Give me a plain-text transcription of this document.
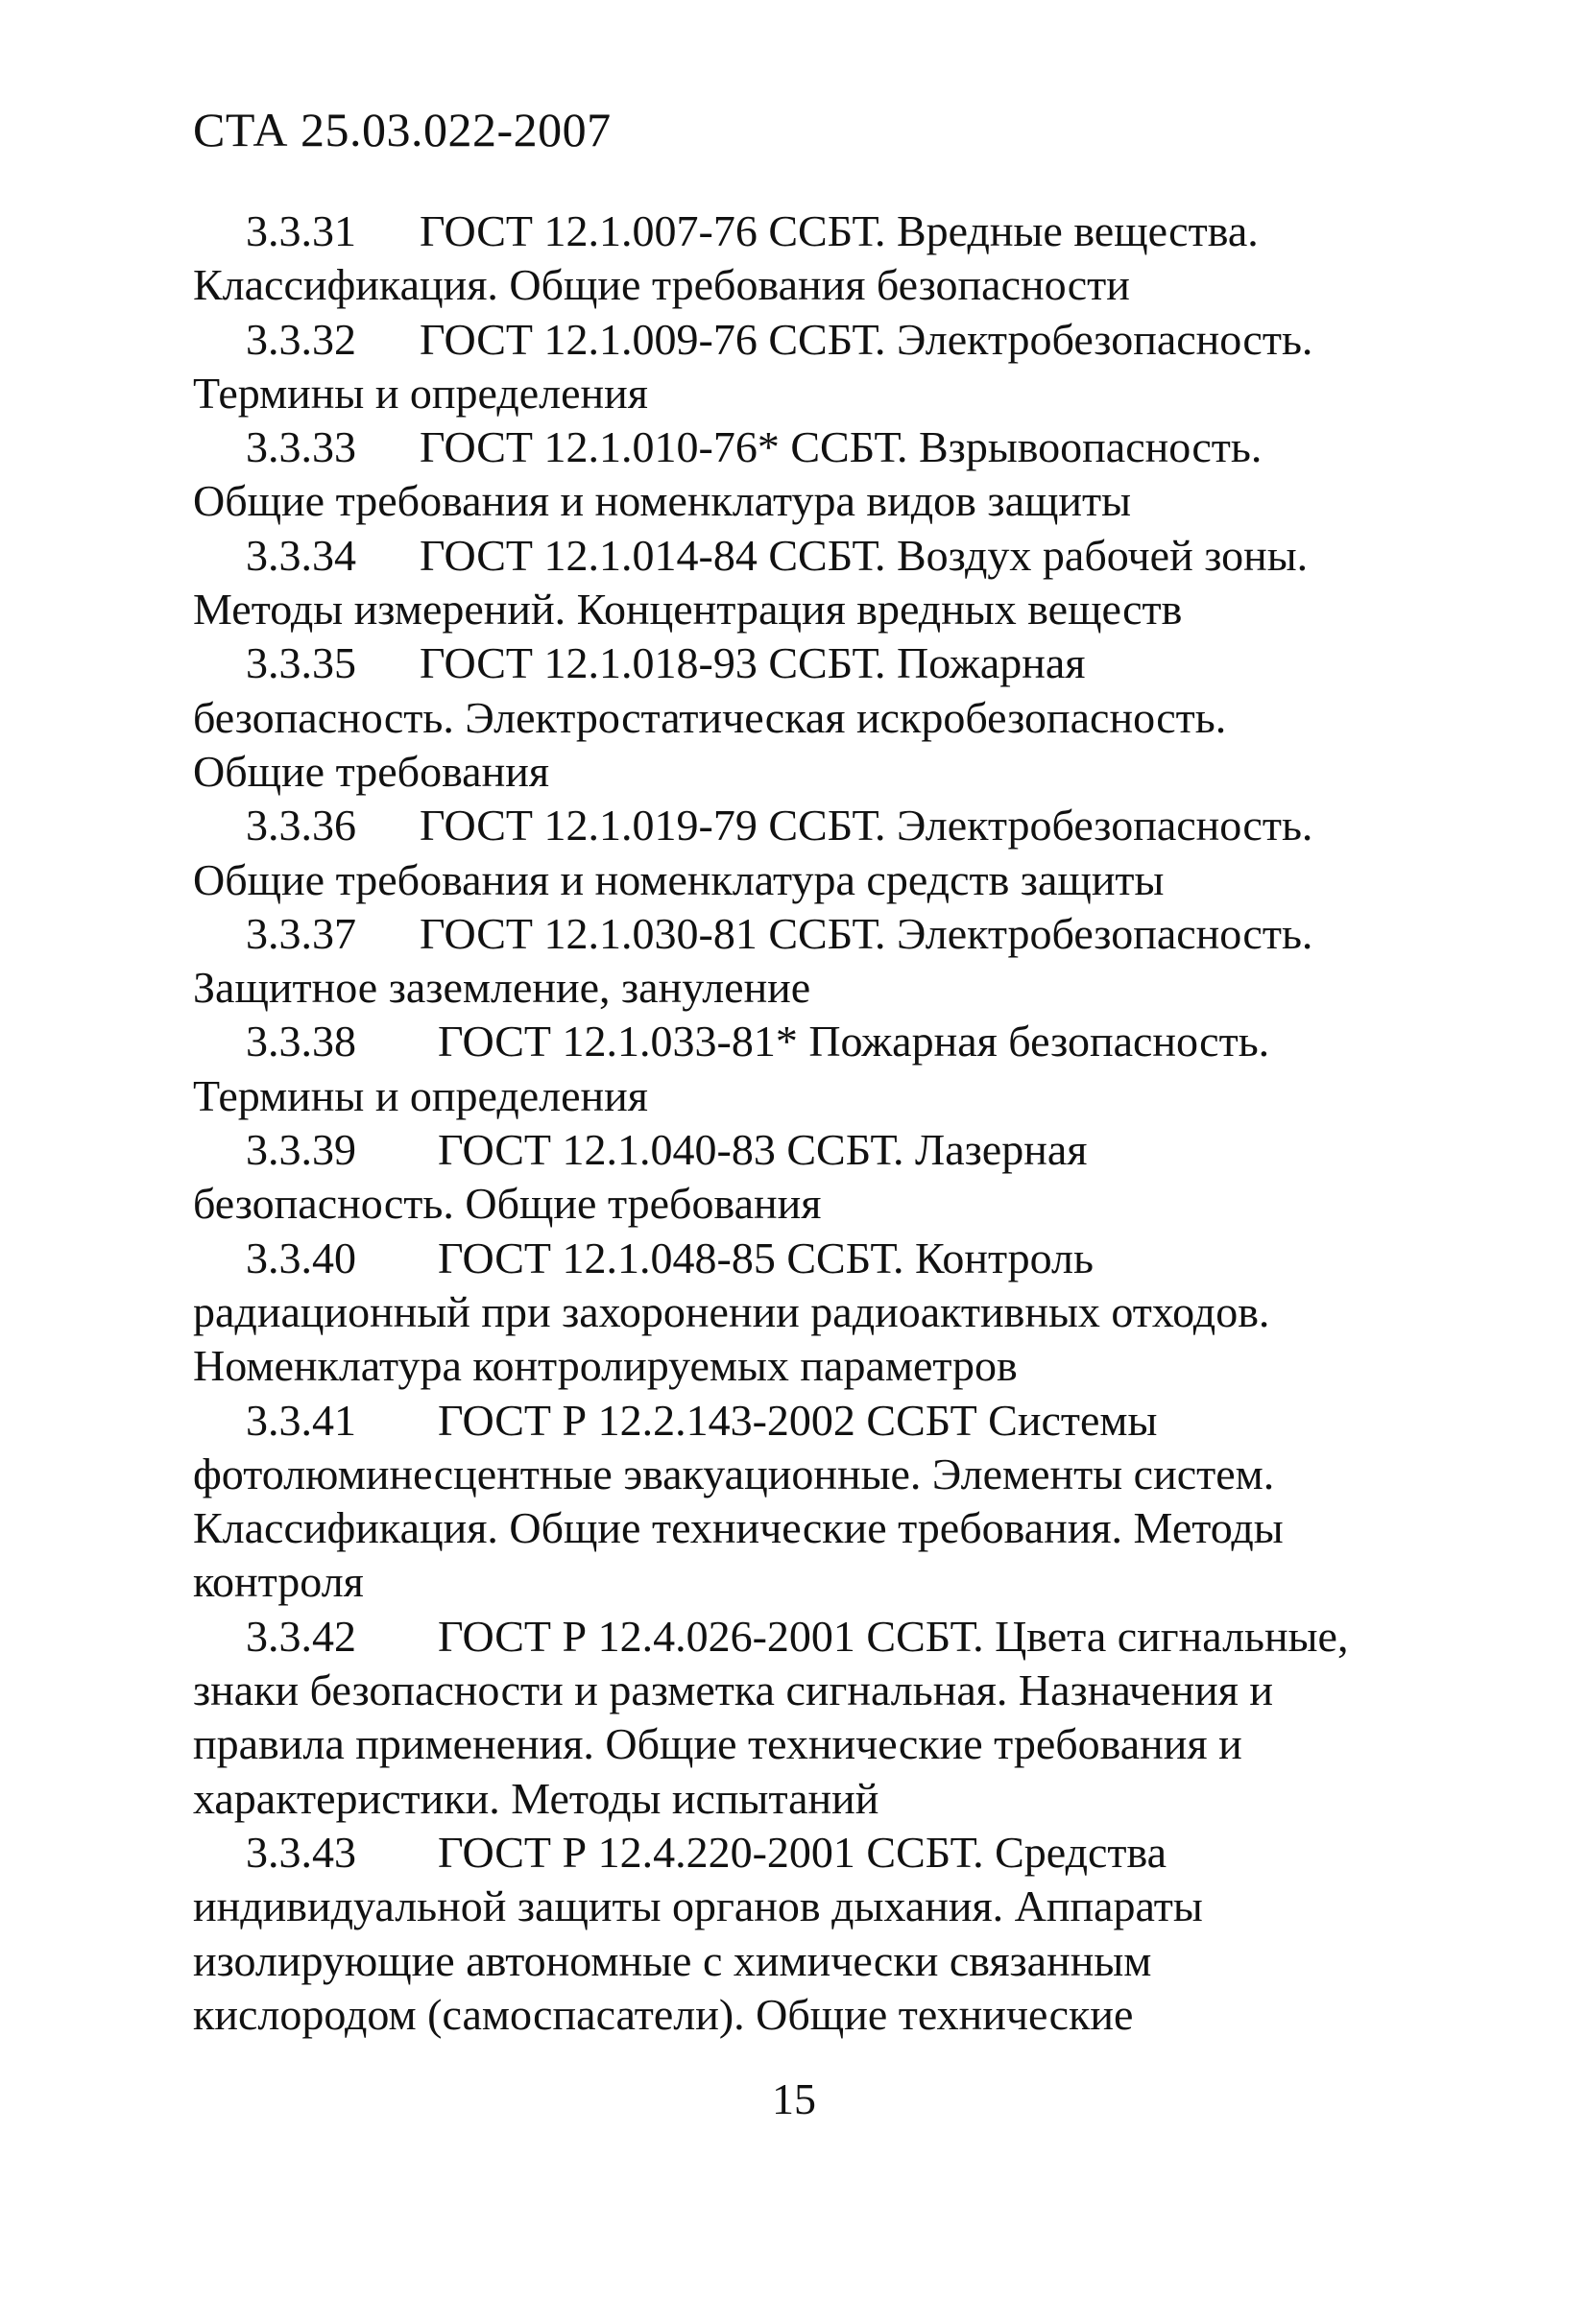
СТА 25.03.022-2007
3.3.31 ГОСТ 12.1.007-76 ССБТ. Вредные вещества.
Классификация. Общие требования безопасности
3.3.32 ГОСТ 12.1.009-76 ССБТ. Электробезопасность.
Термины и определения
3.3.33 ГОСТ 12.1.010-76* ССБТ. Взрывоопасность.
Общие требования и номенклатура видов защиты
3.3.34 ГОСТ 12.1.014-84 ССБТ. Воздух рабочей зоны.
Методы измерений. Концентрация вредных веществ
3.3.35 ГОСТ 12.1.018-93 ССБТ. Пожарная
безопасность. Электростатическая искробезопасность.
Общие требования
3.3.36 ГОСТ 12.1.019-79 ССБТ. Электробезопасность.
Общие требования и номенклатура средств защиты
3.3.37 ГОСТ 12.1.030-81 ССБТ. Электробезопасность.
Защитное заземление, зануление
3.3.38 ГОСТ 12.1.033-81* Пожарная безопасность.
Термины и определения
3.3.39 ГОСТ 12.1.040-83 ССБТ. Лазерная
безопасность. Общие требования
3.3.40 ГОСТ 12.1.048-85 ССБТ. Контроль
радиационный при захоронении радиоактивных отходов.
Номенклатура контролируемых параметров
3.3.41 ГОСТ Р 12.2.143-2002 ССБТ Системы
фотолюминесцентные эвакуационные. Элементы систем.
Классификация. Общие технические требования. Методы
контроля
3.3.42 ГОСТ Р 12.4.026-2001 ССБТ. Цвета сигнальные,
знаки безопасности и разметка сигнальная. Назначения и
правила применения. Общие технические требования и
характеристики. Методы испытаний
3.3.43 ГОСТ Р 12.4.220-2001 ССБТ. Средства
индивидуальной защиты органов дыхания. Аппараты
изолирующие автономные с химически связанным
кислородом (самоспасатели). Общие технические
15
